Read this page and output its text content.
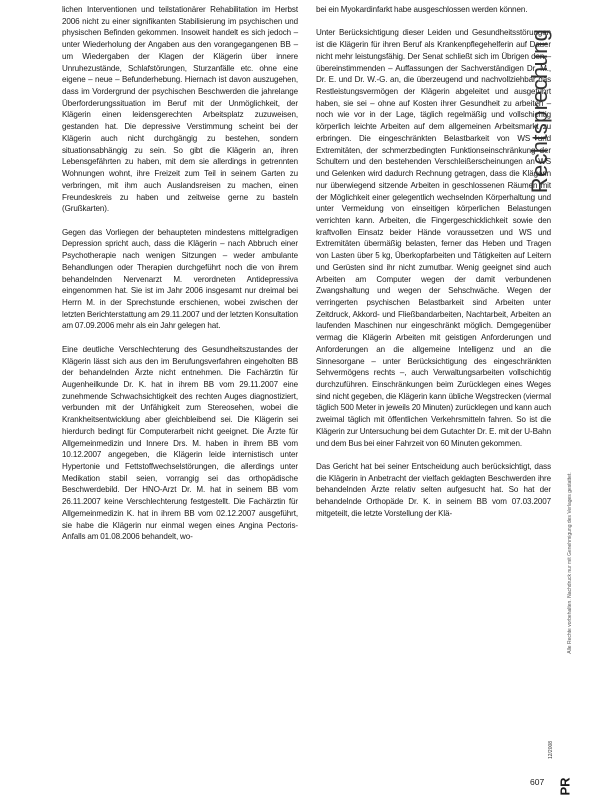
lichen Interventionen und teilstationärer Rehabilitation im Herbst 2006 nicht zu einer signifikanten Stabilisierung im psychischen und physischen Befinden gekommen. Insoweit handelt es sich jedoch – unter Wiederholung der Angaben aus den vorangegangenen BB – um Wiedergaben der Klagen der Klägerin über innere Unruhezustände, Schlafstörungen, Sturzanfälle etc. ohne eine eigene – neue – Befunderhebung. Hiernach ist davon auszugehen, dass im Vordergrund der psychischen Beschwerden die jahrelange Überforderungssituation im Beruf mit der Unmöglichkeit, der Klägerin einen leidensgerechten Arbeitsplatz zuzuweisen, gestanden hat. Die depressive Verstimmung scheint bei der Klägerin auch nicht durchgängig zu bestehen, sondern situationsabhängig zu sein. So gibt die Klägerin an, ihren Lebensgefährten zu haben, mit dem sie allerdings in getrennten Wohnungen wohnt, ihre Freizeit zum Teil in seinem Garten zu verbringen, mit ihm auch Auslandsreisen zu machen, einen Freundeskreis zu haben und zeitweise gerne zu basteln (Grußkarten).

Gegen das Vorliegen der behaupteten mindestens mittelgradigen Depression spricht auch, dass die Klägerin – nach Abbruch einer Psychotherapie nach wenigen Sitzungen – weder ambulante Behandlungen oder Therapien durchgeführt noch die von ihrem behandelnden Nervenarzt M. verordneten Antidepressiva eingenommen hat. Sie ist im Jahr 2006 insgesamt nur dreimal bei Herrn M. in der Sprechstunde erschienen, wobei zwischen der letzten Berichterstattung am 29.11.2007 und der letzten Konsultation am 07.09.2006 mehr als ein Jahr gelegen hat.

Eine deutliche Verschlechterung des Gesundheitszustandes der Klägerin lässt sich aus den im Berufungsverfahren eingeholten BB der behandelnden Ärzte nicht entnehmen. Die Fachärztin für Augenheilkunde Dr. K. hat in ihrem BB vom 29.11.2007 eine zunehmende Schwachsichtigkeit des rechten Auges diagnostiziert, verbunden mit der Unfähigkeit zum Stereosehen, wobei die Krankheitsentwicklung aber gleichbleibend sei. Die Klägerin sei hierdurch bedingt für Computerarbeit nicht geeignet. Die Ärzte für Allgemeinmedizin und Innere Drs. M. haben in ihrem BB vom 10.12.2007 angegeben, die Klägerin leide internistisch unter Hypertonie und Fettstoffwechselstörungen, die allerdings unter Medikation stabil seien, vorrangig sei das orthopädische Beschwerdebild. Der HNO-Arzt Dr. M. hat in seinem BB vom 26.11.2007 keine Verschlechterung festgestellt. Die Fachärztin für Allgemeinmedizin K. hat in ihrem BB vom 02.12.2007 ausgeführt, sie habe die Klägerin nur einmal wegen eines Angina Pectoris-Anfalls am 01.08.2006 behandelt, wo-

bei ein Myokardinfarkt habe ausgeschlossen werden können.

Unter Berücksichtigung dieser Leiden und Gesundheitsstörungen ist die Klägerin für ihren Beruf als Krankenpflegehelferin auf Dauer nicht mehr leistungsfähig. Der Senat schließt sich im Übrigen den – übereinstimmenden – Auffassungen der Sachverständigen Dr. M., Dr. E. und Dr. W.-G. an, die überzeugend und nachvollziehbar das Restleistungsvermögen der Klägerin abgeleitet und ausgeführt haben, sie sei – ohne auf Kosten ihrer Gesundheit zu arbeiten – noch wie vor in der Lage, täglich regelmäßig und vollschichtig körperlich leichte Arbeiten auf dem allgemeinen Arbeitsmarkt zu erbringen. Die eingeschränkten Belastbarkeit von WS und Extremitäten, der schmerzbedingten Funktionseinschränkung der Schultern und den bestehenden Verschleißerscheinungen an WS und Gelenken wird dadurch Rechnung getragen, dass die Klägerin nur überwiegend sitzende Arbeiten in geschlossenen Räumen mit der Möglichkeit einer gelegentlich wechselnden Körperhaltung und unter Vermeidung von einseitigen körperlichen Belastungen verrichten kann. Arbeiten, die Fingergeschicklichkeit sowie den kraftvollen Einsatz beider Hände voraussetzen und WS und Extremitäten übermäßig belasten, ferner das Heben und Tragen von Lasten über 5 kg, Überkopfarbeiten und Tätigkeiten auf Leitern und Gerüsten sind ihr nicht zumutbar. Wenig geeignet sind auch Arbeiten am Computer wegen der damit verbundenen Zwangshaltung und wegen der Sehschwäche. Wegen der verringerten psychischen Belastbarkeit sind Arbeiten unter Zeitdruck, Akkord- und Fließbandarbeiten, Nachtarbeit, Arbeiten an laufenden Maschinen nur eingeschränkt möglich. Demgegenüber vermag die Klägerin Arbeiten mit geistigen Anforderungen und Anforderungen an die allgemeine Intelligenz und an die Sinnesorgane – unter Berücksichtigung des eingeschränkten Sehvermögens rechts –, auch Verwaltungsarbeiten vollschichtig durchzuführen. Einschränkungen beim Zurücklegen eines Weges sind nicht gegeben, die Klägerin kann übliche Wegstrecken (viermal täglich 500 Meter in jeweils 20 Minuten) zurücklegen und kann auch zweimal täglich mit öffentlichen Verkehrsmitteln fahren. So ist die Klägerin zur Untersuchung bei dem Gutachter Dr. E. mit der U-Bahn und dem Bus bei einer Fahrzeit von 60 Minuten gekommen.

Das Gericht hat bei seiner Entscheidung auch berücksichtigt, dass die Klägerin in Anbetracht der vielfach geklagten Beschwerden ihre behandelnden Ärzte relativ selten aufgesucht hat. So hat der behandelnde Orthopäde Dr. K. in seinem BB vom 07.03.2007 mitgeteilt, die letzte Vorstellung der Klä-

Rechtsprechung
Alle Rechte vorbehalten. Nachdruck nur mit Genehmigung des Verlages gestattet.
PR
12/2008
607
